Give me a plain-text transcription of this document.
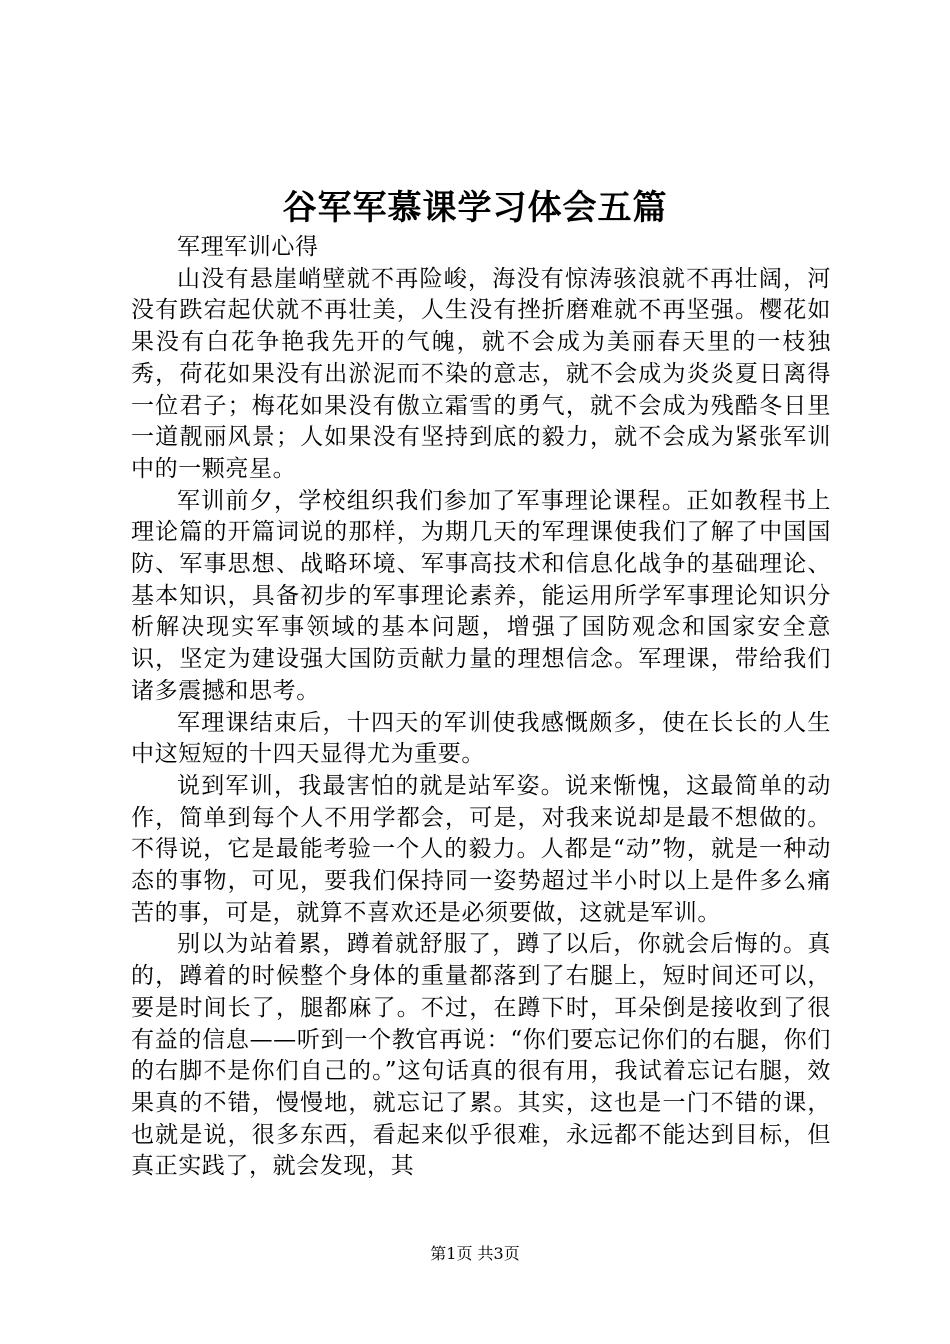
谷军军慕课学习体会五篇

军理军训心得

山没有悬崖峭壁就不再险峻，海没有惊涛骇浪就不再壮阔，河没有跌宕起伏就不再壮美，人生没有挫折磨难就不再坚强。樱花如果没有白花争艳我先开的气魄，就不会成为美丽春天里的一枝独秀，荷花如果没有出淤泥而不染的意志，就不会成为炎炎夏日离得一位君子；梅花如果没有傲立霜雪的勇气，就不会成为残酷冬日里一道靓丽风景；人如果没有坚持到底的毅力，就不会成为紧张军训中的一颗亮星。

军训前夕，学校组织我们参加了军事理论课程。正如教程书上理论篇的开篇词说的那样，为期几天的军理课使我们了解了中国国防、军事思想、战略环境、军事高技术和信息化战争的基础理论、基本知识，具备初步的军事理论素养，能运用所学军事理论知识分析解决现实军事领域的基本问题，增强了国防观念和国家安全意识，坚定为建设强大国防贡献力量的理想信念。军理课，带给我们诸多震撼和思考。

军理课结束后，十四天的军训使我感慨颇多，使在长长的人生中这短短的十四天显得尤为重要。

说到军训，我最害怕的就是站军姿。说来惭愧，这最简单的动作，简单到每个人不用学都会，可是，对我来说却是最不想做的。不得说，它是最能考验一个人的毅力。人都是“动”物，就是一种动态的事物，可见，要我们保持同一姿势超过半小时以上是件多么痛苦的事，可是，就算不喜欢还是必须要做，这就是军训。

别以为站着累，蹲着就舒服了，蹲了以后，你就会后悔的。真的，蹲着的时候整个身体的重量都落到了右腿上，短时间还可以，要是时间长了，腿都麻了。不过，在蹲下时，耳朵倒是接收到了很有益的信息——听到一个教官再说：“你们要忘记你们的右腿，你们的右脚不是你们自己的。”这句话真的很有用，我试着忘记右腿，效果真的不错，慢慢地，就忘记了累。其实，这也是一门不错的课，也就是说，很多东西，看起来似乎很难，永远都不能达到目标，但真正实践了，就会发现，其

第1页 共3页
